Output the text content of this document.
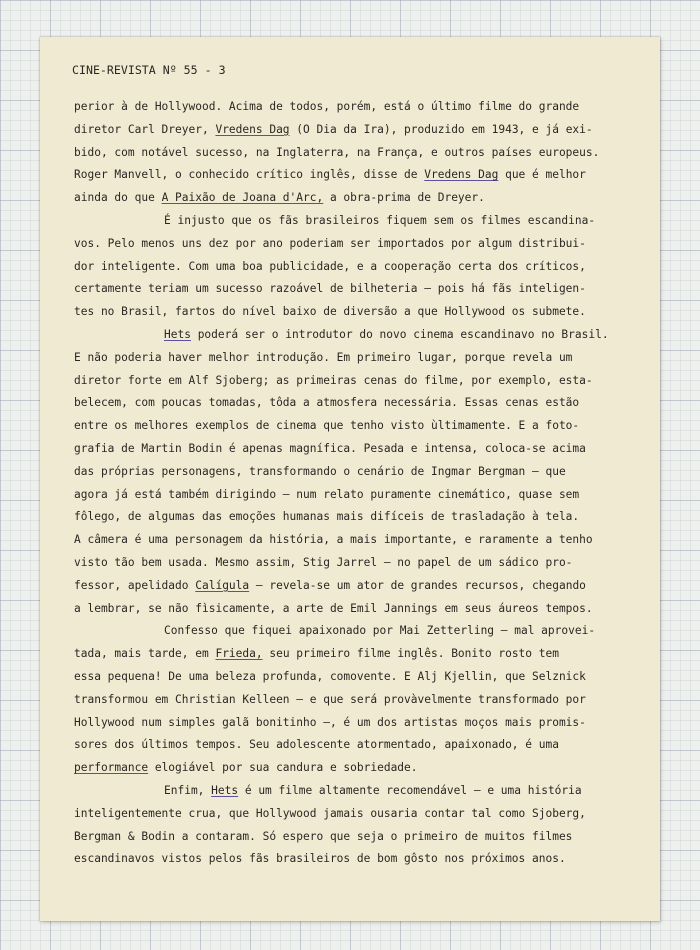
CINE-REVISTA Nº 55 - 3
perior à de Hollywood. Acima de todos, porém, está o último filme do grande
diretor Carl Dreyer, Vredens Dag (O Dia da Ira), produzido em 1943, e já exi-
bido, com notável sucesso, na Inglaterra, na França, e outros países europeus.
Roger Manvell, o conhecido crítico inglês, disse de Vredens Dag que é melhor
ainda do que A Paixão de Joana d'Arc, a obra-prima de Dreyer.
É injusto que os fãs brasileiros fiquem sem os filmes escandina-
vos. Pelo menos uns dez por ano poderiam ser importados por algum distribui-
dor inteligente. Com uma boa publicidade, e a cooperação certa dos críticos,
certamente teriam um sucesso razoável de bilheteria — pois há fãs inteligen-
tes no Brasil, fartos do nível baixo de diversão a que Hollywood os submete.
Hets poderá ser o introdutor do novo cinema escandinavo no Brasil.
E não poderia haver melhor introdução. Em primeiro lugar, porque revela um
diretor forte em Alf Sjoberg; as primeiras cenas do filme, por exemplo, esta-
belecem, com poucas tomadas, tôda a atmosfera necessária. Essas cenas estão
entre os melhores exemplos de cinema que tenho visto ùltimamente. E a foto-
grafia de Martin Bodin é apenas magnífica. Pesada e intensa, coloca-se acima
das próprias personagens, transformando o cenário de Ingmar Bergman — que
agora já está também dirigindo — num relato puramente cinemático, quase sem
fôlego, de algumas das emoções humanas mais difíceis de trasladação à tela.
A câmera é uma personagem da história, a mais importante, e raramente a tenho
visto tão bem usada. Mesmo assim, Stig Jarrel — no papel de um sádico pro-
fessor, apelidado Calígula — revela-se um ator de grandes recursos, chegando
a lembrar, se não fìsicamente, a arte de Emil Jannings em seus áureos tempos.
Confesso que fiquei apaixonado por Mai Zetterling — mal aprovei-
tada, mais tarde, em Frieda, seu primeiro filme inglês. Bonito rosto tem
essa pequena! De uma beleza profunda, comovente. E Alj Kjellin, que Selznick
transformou em Christian Kelleen — e que será provàvelmente transformado por
Hollywood num simples galã bonitinho —, é um dos artistas moços mais promis-
sores dos últimos tempos. Seu adolescente atormentado, apaixonado, é uma
performance elogiável por sua candura e sobriedade.
Enfim, Hets é um filme altamente recomendável — e uma história
inteligentemente crua, que Hollywood jamais ousaria contar tal como Sjoberg,
Bergman & Bodin a contaram. Só espero que seja o primeiro de muitos filmes
escandinavos vistos pelos fãs brasileiros de bom gôsto nos próximos anos.
